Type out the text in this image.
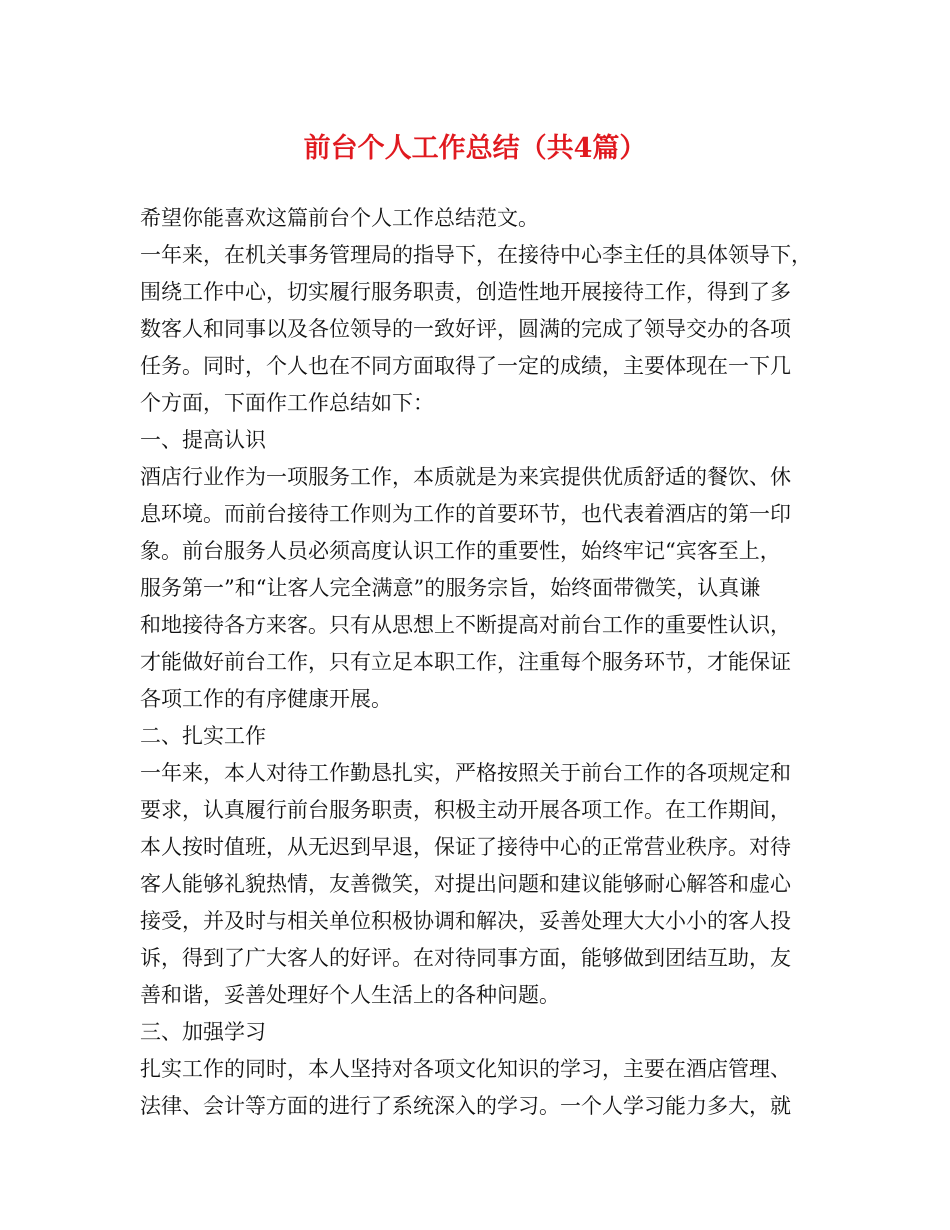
前台个人工作总结（共4篇）
希望你能喜欢这篇前台个人工作总结范文。
一年来，在机关事务管理局的指导下，在接待中心李主任的具体领导下，
围绕工作中心，切实履行服务职责，创造性地开展接待工作，得到了多
数客人和同事以及各位领导的一致好评，圆满的完成了领导交办的各项
任务。同时，个人也在不同方面取得了一定的成绩，主要体现在一下几
个方面，下面作工作总结如下：
一、提高认识
酒店行业作为一项服务工作，本质就是为来宾提供优质舒适的餐饮、休
息环境。而前台接待工作则为工作的首要环节，也代表着酒店的第一印
象。前台服务人员必须高度认识工作的重要性，始终牢记“宾客至上，
服务第一”和“让客人完全满意”的服务宗旨，始终面带微笑，认真谦
和地接待各方来客。只有从思想上不断提高对前台工作的重要性认识，
才能做好前台工作，只有立足本职工作，注重每个服务环节，才能保证
各项工作的有序健康开展。
二、扎实工作
一年来，本人对待工作勤恳扎实，严格按照关于前台工作的各项规定和
要求，认真履行前台服务职责，积极主动开展各项工作。在工作期间，
本人按时值班，从无迟到早退，保证了接待中心的正常营业秩序。对待
客人能够礼貌热情，友善微笑，对提出问题和建议能够耐心解答和虚心
接受，并及时与相关单位积极协调和解决，妥善处理大大小小的客人投
诉，得到了广大客人的好评。在对待同事方面，能够做到团结互助，友
善和谐，妥善处理好个人生活上的各种问题。
三、加强学习
扎实工作的同时，本人坚持对各项文化知识的学习，主要在酒店管理、
法律、会计等方面的进行了系统深入的学习。一个人学习能力多大，就
